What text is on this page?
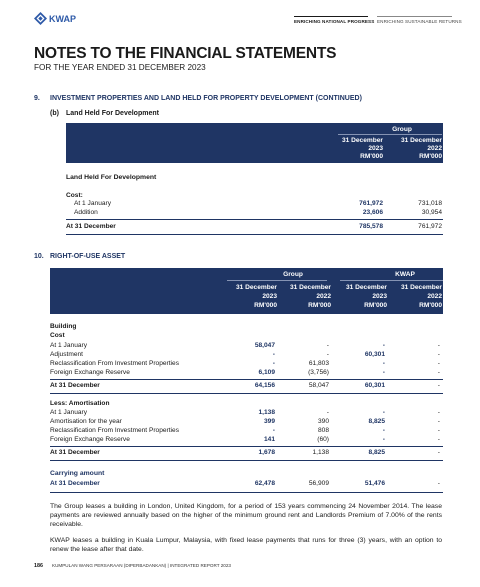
KWAP	ENRICHING NATIONAL PROGRESS ENRICHING SUSTAINABLE RETURNS
NOTES TO THE FINANCIAL STATEMENTS
FOR THE YEAR ENDED 31 DECEMBER 2023
9. INVESTMENT PROPERTIES AND LAND HELD FOR PROPERTY DEVELOPMENT (CONTINUED)
(b) Land Held For Development
Group
31 December
2023
RM'000
31 December
2022
RM'000
Land Held For Development
Cost:
At 1 January	761,972	731,018
Addition	23,606	30,954
At 31 December	785,578	761,972
10. RIGHT-OF-USE ASSET
Group	KWAP
31 December
2023
RM'000
31 December
2022
RM'000
31 December
2023
RM'000
31 December
2022
RM'000
Building
Cost
At 1 January	58,047	-	-	-
Adjustment	-	-	60,301	-
Reclassification From Investment Properties	-	61,803	-	-
Foreign Exchange Reserve	6,109	(3,756)	-	-
At 31 December	64,156	58,047	60,301	-
Less: Amortisation
At 1 January	1,138	-	-	-
Amortisation for the year	399	390	8,825	-
Reclassification From Investment Properties	-	808	-	-
Foreign Exchange Reserve	141	(60)	-	-
At 31 December	1,678	1,138	8,825	-
Carrying amount
At 31 December	62,478	56,909	51,476	-
The Group leases a building in London, United Kingdom, for a period of 153 years commencing 24 November 2014. The lease payments are reviewed annually based on the higher of the minimum ground rent and Landlords Premium of 7.00% of the rents receivable.
KWAP leases a building in Kuala Lumpur, Malaysia, with fixed lease payments that runs for three (3) years, with an option to renew the lease after that date.
186 KUMPULAN WANG PERSARAAN (DIPERBADANKAN) | INTEGRATED REPORT 2023
